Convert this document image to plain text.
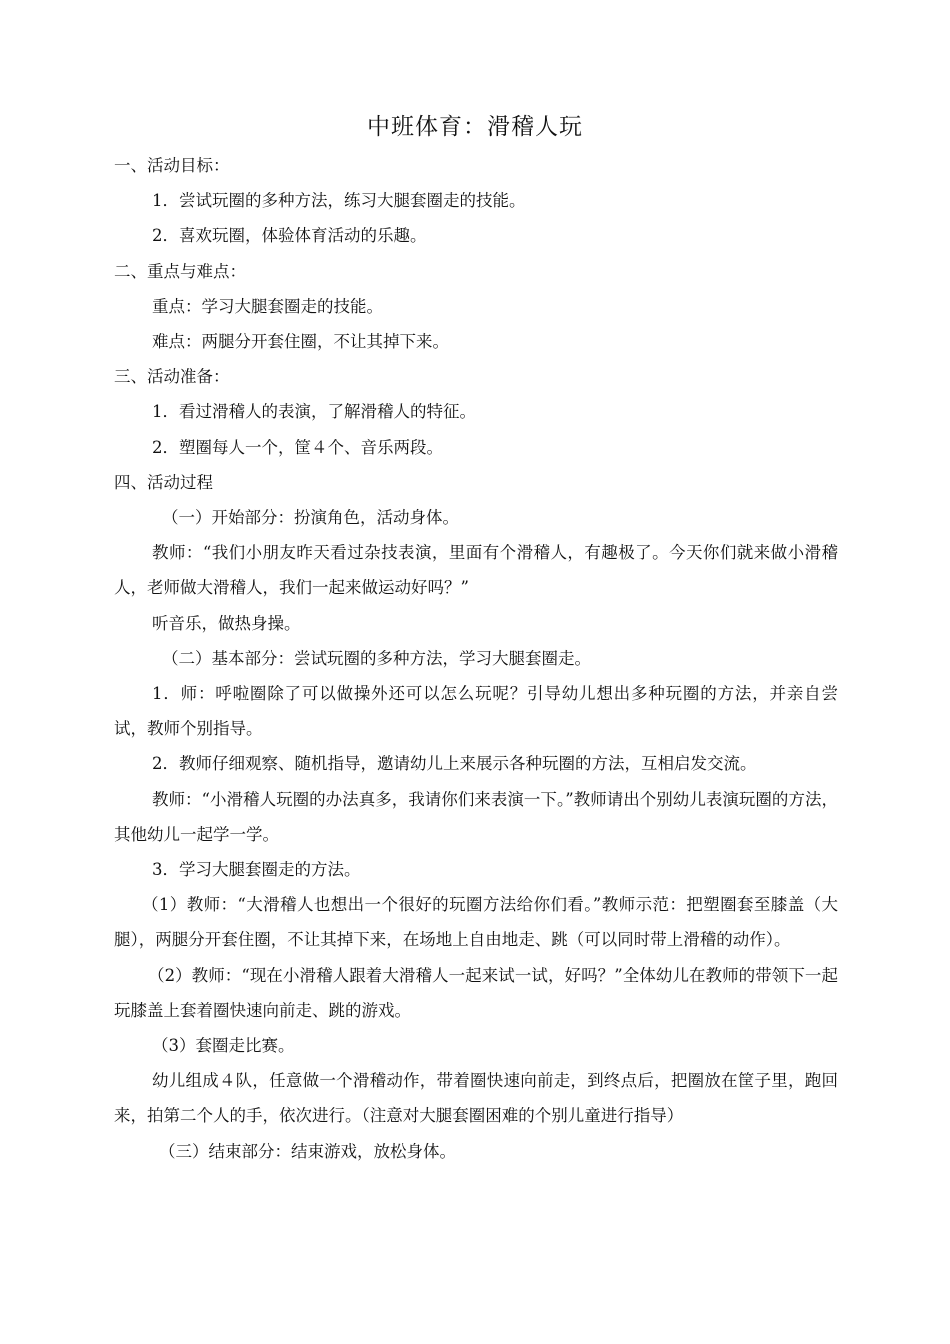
中班体育：滑稽人玩

一、活动目标：

1．尝试玩圈的多种方法，练习大腿套圈走的技能。

2．喜欢玩圈，体验体育活动的乐趣。

二、重点与难点：

重点：学习大腿套圈走的技能。

难点：两腿分开套住圈，不让其掉下来。

三、活动准备：

1．看过滑稽人的表演，了解滑稽人的特征。

2．塑圈每人一个，筐４个、音乐两段。

四、活动过程

（一）开始部分：扮演角色，活动身体。

教师：“我们小朋友昨天看过杂技表演，里面有个滑稽人，有趣极了。今天你们就来做小滑稽人，老师做大滑稽人，我们一起来做运动好吗？”

听音乐，做热身操。

（二）基本部分：尝试玩圈的多种方法，学习大腿套圈走。

1．师：呼啦圈除了可以做操外还可以怎么玩呢？引导幼儿想出多种玩圈的方法，并亲自尝试，教师个别指导。

2．教师仔细观察、随机指导，邀请幼儿上来展示各种玩圈的方法，互相启发交流。

教师：“小滑稽人玩圈的办法真多，我请你们来表演一下。”教师请出个别幼儿表演玩圈的方法，其他幼儿一起学一学。

3．学习大腿套圈走的方法。

（1）教师：“大滑稽人也想出一个很好的玩圈方法给你们看。”教师示范：把塑圈套至膝盖（大腿），两腿分开套住圈，不让其掉下来，在场地上自由地走、跳（可以同时带上滑稽的动作）。

（2）教师：“现在小滑稽人跟着大滑稽人一起来试一试，好吗？”全体幼儿在教师的带领下一起玩膝盖上套着圈快速向前走、跳的游戏。

（3）套圈走比赛。

幼儿组成４队，任意做一个滑稽动作，带着圈快速向前走，到终点后，把圈放在筐子里，跑回来，拍第二个人的手，依次进行。（注意对大腿套圈困难的个别儿童进行指导）

（三）结束部分：结束游戏，放松身体。
